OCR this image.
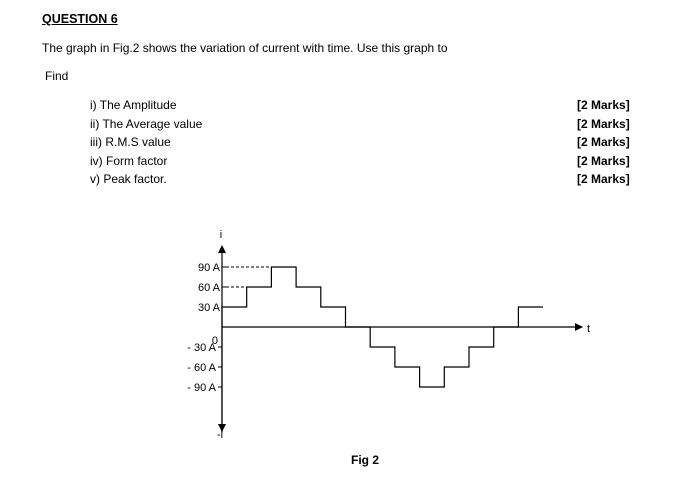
QUESTION 6
The graph in Fig.2 shows the variation of current with time. Use this graph to
Find
i) The Amplitude
ii) The Average value
iii) R.M.S value
iv) Form factor
v) Peak factor.
[2 Marks]
[2 Marks]
[2 Marks]
[2 Marks]
[2 Marks]
90 A
60 A
30 A
- 30 A
- 60 A
- 90 A
i
-i
t
0
Fig 2
